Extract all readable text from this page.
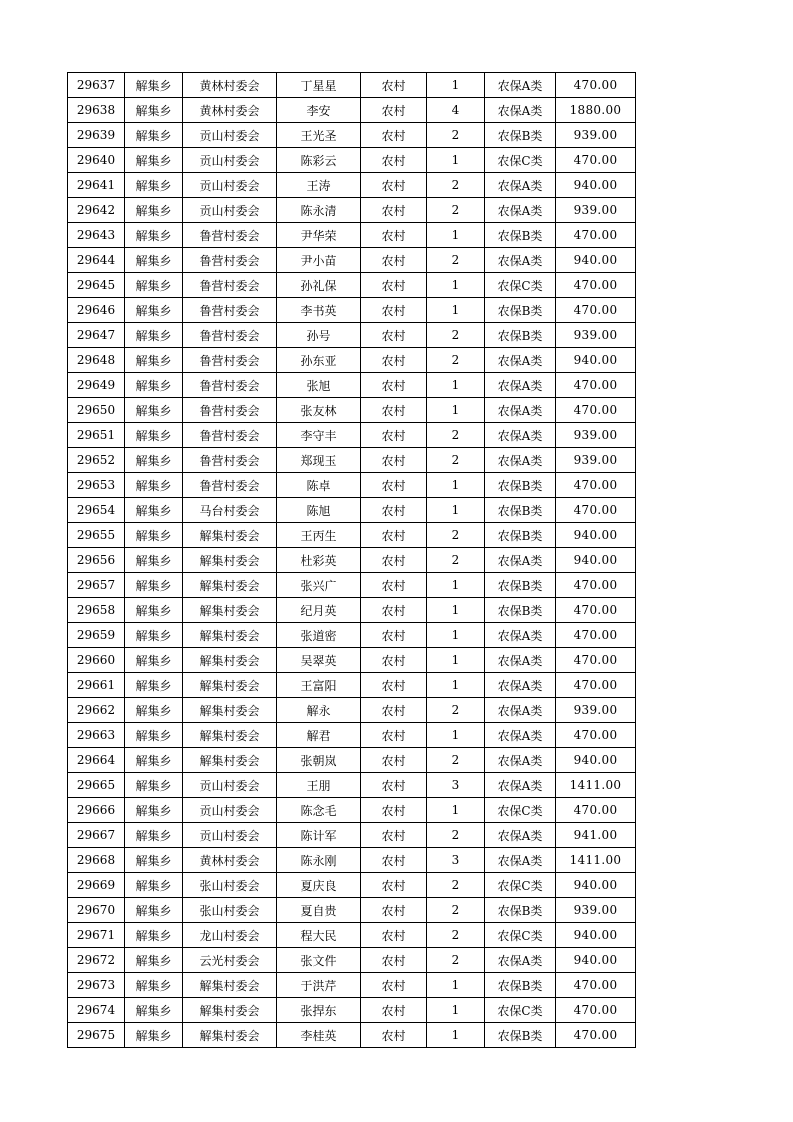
29637	解集乡	黄林村委会	丁星星	农村	1	农保A类	470.00
29638	解集乡	黄林村委会	李安	农村	4	农保A类	1880.00
29639	解集乡	贡山村委会	王光圣	农村	2	农保B类	939.00
29640	解集乡	贡山村委会	陈彩云	农村	1	农保C类	470.00
29641	解集乡	贡山村委会	王涛	农村	2	农保A类	940.00
29642	解集乡	贡山村委会	陈永清	农村	2	农保A类	939.00
29643	解集乡	鲁营村委会	尹华荣	农村	1	农保B类	470.00
29644	解集乡	鲁营村委会	尹小苗	农村	2	农保A类	940.00
29645	解集乡	鲁营村委会	孙礼保	农村	1	农保C类	470.00
29646	解集乡	鲁营村委会	李书英	农村	1	农保B类	470.00
29647	解集乡	鲁营村委会	孙号	农村	2	农保B类	939.00
29648	解集乡	鲁营村委会	孙东亚	农村	2	农保A类	940.00
29649	解集乡	鲁营村委会	张旭	农村	1	农保A类	470.00
29650	解集乡	鲁营村委会	张友林	农村	1	农保A类	470.00
29651	解集乡	鲁营村委会	李守丰	农村	2	农保A类	939.00
29652	解集乡	鲁营村委会	郑现玉	农村	2	农保A类	939.00
29653	解集乡	鲁营村委会	陈卓	农村	1	农保B类	470.00
29654	解集乡	马台村委会	陈旭	农村	1	农保B类	470.00
29655	解集乡	解集村委会	王丙生	农村	2	农保B类	940.00
29656	解集乡	解集村委会	杜彩英	农村	2	农保A类	940.00
29657	解集乡	解集村委会	张兴广	农村	1	农保B类	470.00
29658	解集乡	解集村委会	纪月英	农村	1	农保B类	470.00
29659	解集乡	解集村委会	张道密	农村	1	农保A类	470.00
29660	解集乡	解集村委会	吴翠英	农村	1	农保A类	470.00
29661	解集乡	解集村委会	王富阳	农村	1	农保A类	470.00
29662	解集乡	解集村委会	解永	农村	2	农保A类	939.00
29663	解集乡	解集村委会	解君	农村	1	农保A类	470.00
29664	解集乡	解集村委会	张朝岚	农村	2	农保A类	940.00
29665	解集乡	贡山村委会	王朋	农村	3	农保A类	1411.00
29666	解集乡	贡山村委会	陈念毛	农村	1	农保C类	470.00
29667	解集乡	贡山村委会	陈计军	农村	2	农保A类	941.00
29668	解集乡	黄林村委会	陈永刚	农村	3	农保A类	1411.00
29669	解集乡	张山村委会	夏庆良	农村	2	农保C类	940.00
29670	解集乡	张山村委会	夏自贵	农村	2	农保B类	939.00
29671	解集乡	龙山村委会	程大民	农村	2	农保C类	940.00
29672	解集乡	云光村委会	张文件	农村	2	农保A类	940.00
29673	解集乡	解集村委会	于洪芹	农村	1	农保B类	470.00
29674	解集乡	解集村委会	张捍东	农村	1	农保C类	470.00
29675	解集乡	解集村委会	李桂英	农村	1	农保B类	470.00
